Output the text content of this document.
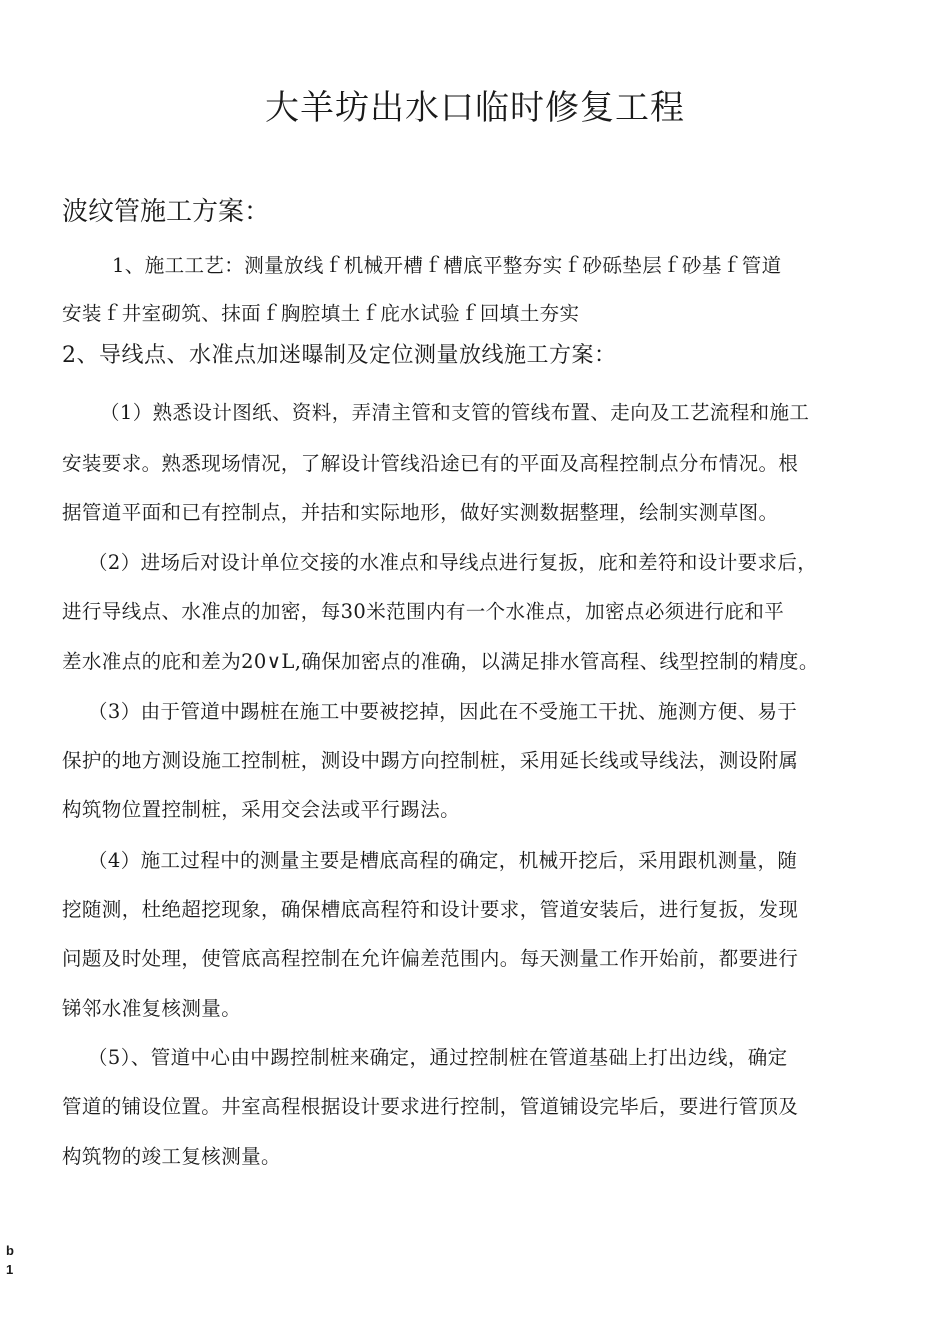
大羊坊出水口临时修复工程
波纹管施工方案：
1、施工工艺：测量放线ｆ机械开槽ｆ槽底平整夯实ｆ砂砾垫层ｆ砂基ｆ管道
安装ｆ井室砌筑、抹面ｆ胸腔填土ｆ庇水试验ｆ回填土夯实
2、导线点、水准点加迷曝制及定位测量放线施工方案：
（1）熟悉设计图纸、资料，弄清主管和支管的管线布置、走向及工艺流程和施工
安装要求。熟悉现场情况，了解设计管线沿途已有的平面及高程控制点分布情况。根
据管道平面和已有控制点，并拮和实际地形，做好实测数据整理，绘制实测草图。
（2）进场后对设计单位交接的水准点和导线点进行复扳，庇和差符和设计要求后，
进行导线点、水准点的加密，每30米范围内有一个水准点，加密点必须进行庇和平
差水准点的庇和差为20∨L,确保加密点的准确，以满足排水管高程、线型控制的精度。
（3）由于管道中踢桩在施工中要被挖掉，因此在不受施工干扰、施测方便、易于
保护的地方测设施工控制桩，测设中踢方向控制桩，采用延长线或导线法，测设附属
构筑物位置控制桩，采用交会法或平行踢法。
（4）施工过程中的测量主要是槽底高程的确定，机械开挖后，采用跟机测量，随
挖随测，杜绝超挖现象，确保槽底高程符和设计要求，管道安装后，进行复扳，发现
问题及时处理，使管底高程控制在允许偏差范围内。每天测量工作开始前，都要进行
锑邻水准复核测量。
（5）、管道中心由中踢控制桩来确定，通过控制桩在管道基础上打出边线，确定
管道的铺设位置。井室高程根据设计要求进行控制，管道铺设完毕后，要进行管顶及
构筑物的竣工复核测量。
b
1
